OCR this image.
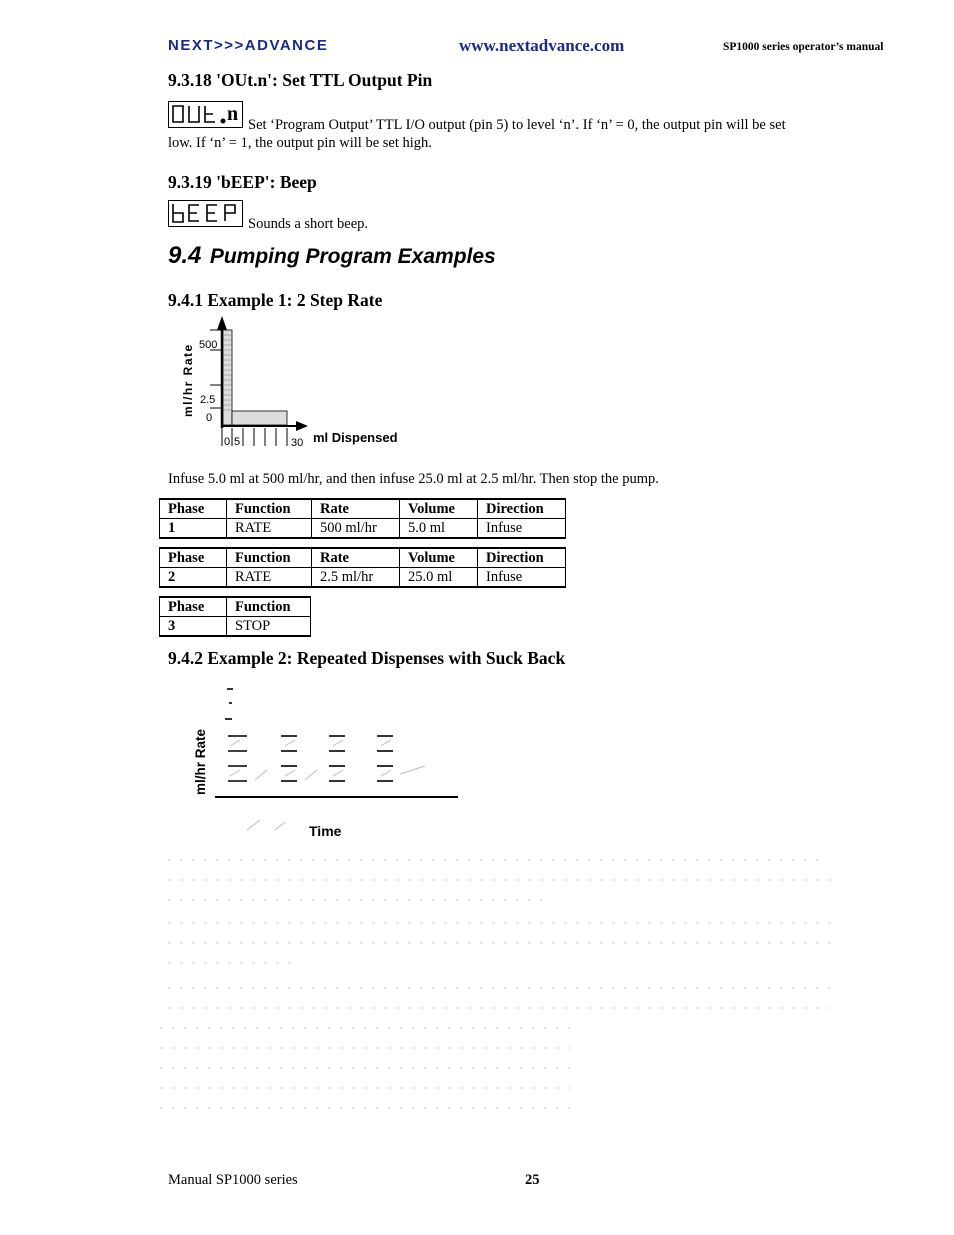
NEXT>>>ADVANCE	www.nextadvance.com	SP1000 series operator’s manual
9.3.18 'OUt.n': Set TTL Output Pin
n Set ‘Program Output’ TTL I/O output (pin 5) to level ‘n’. If ‘n’ = 0, the output pin will be set
low. If ‘n’ = 1, the output pin will be set high.
9.3.19 'bEEP': Beep
Sounds a short beep.
9.4 Pumping Program Examples
9.4.1 Example 1: 2 Step Rate
500
2.5
0
0 5	30 ml Dispensed
ml/hr Rate
Infuse 5.0 ml at 500 ml/hr, and then infuse 25.0 ml at 2.5 ml/hr. Then stop the pump.
Phase	Function	Rate	Volume	Direction
1	RATE	500 ml/hr	5.0 ml	Infuse
Phase	Function	Rate	Volume	Direction
2	RATE	2.5 ml/hr	25.0 ml	Infuse
Phase	Function
3	STOP
9.4.2 Example 2: Repeated Dispenses with Suck Back
ml/hr Rate
Time
Manual SP1000 series	25
